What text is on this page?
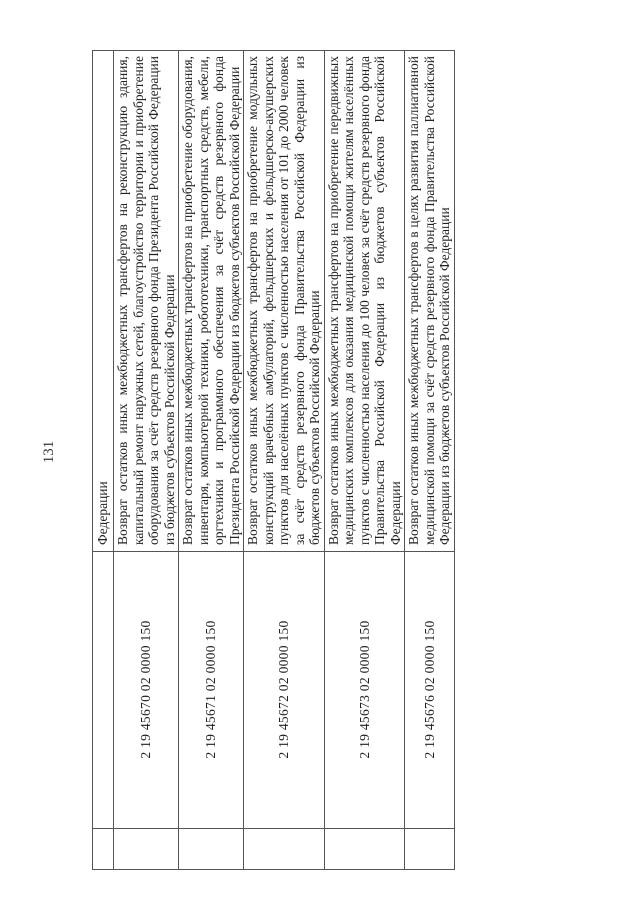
131
		Федерации
	2 19 45670 02 0000 150	Возврат остатков иных межбюджетных трансфертов на реконструкцию здания, капитальный ремонт наружных сетей, благоустройство территории и приобретение оборудования за счёт средств резервного фонда Президента Российской Федерации из бюджетов субъектов Российской Федерации
	2 19 45671 02 0000 150	Возврат остатков иных межбюджетных трансфертов на приобретение оборудования, инвентаря, компьютерной техники, робототехники, транспортных средств, мебели, оргтехники и программного обеспечения за счёт средств резервного фонда Президента Российской Федерации из бюджетов субъектов Российской Федерации
	2 19 45672 02 0000 150	Возврат остатков иных межбюджетных трансфертов на приобретение модульных конструкций врачебных амбулаторий, фельдшерских и фельдшерско-акушерских пунктов для населённых пунктов с численностью населения от 101 до 2000 человек за счёт средств резервного фонда Правительства Российской Федерации из бюджетов субъектов Российской Федерации
	2 19 45673 02 0000 150	Возврат остатков иных межбюджетных трансфертов на приобретение передвижных медицинских комплексов для оказания медицинской помощи жителям населённых пунктов с численностью населения до 100 человек за счёт средств резервного фонда Правительства Российской Федерации из бюджетов субъектов Российской Федерации
	2 19 45676 02 0000 150	Возврат остатков иных межбюджетных трансфертов в целях развития паллиативной медицинской помощи за счёт средств резервного фонда Правительства Российской Федерации из бюджетов субъектов Российской Федерации
